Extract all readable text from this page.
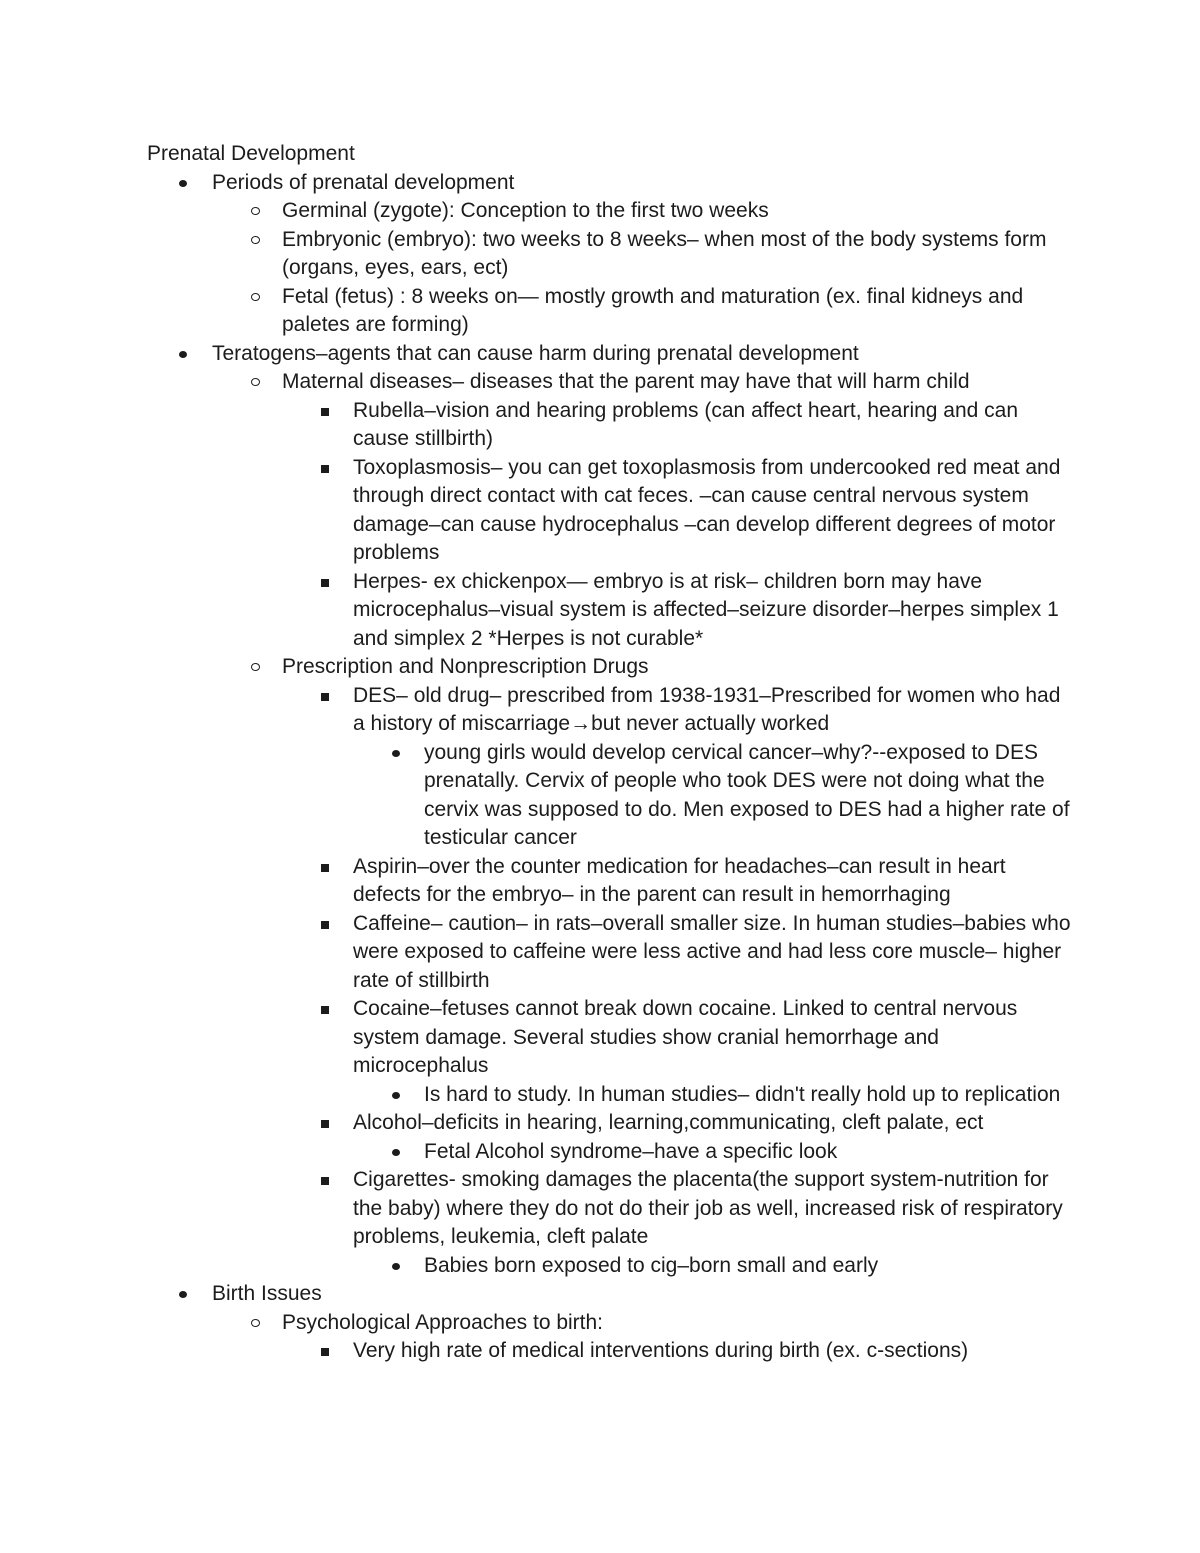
Prenatal Development

Periods of prenatal development
Germinal (zygote): Conception to the first two weeks
Embryonic (embryo): two weeks to 8 weeks– when most of the body systems form (organs, eyes, ears, ect)
Fetal (fetus) : 8 weeks on— mostly growth and maturation (ex. final kidneys and paletes are forming)
Teratogens–agents that can cause harm during prenatal development
Maternal diseases– diseases that the parent may have that will harm child
Rubella–vision and hearing problems (can affect heart, hearing and can cause stillbirth)
Toxoplasmosis– you can get toxoplasmosis from undercooked red meat and through direct contact with cat feces. –can cause central nervous system damage–can cause hydrocephalus –can develop different degrees of motor problems
Herpes- ex chickenpox— embryo is at risk– children born may have microcephalus–visual system is affected–seizure disorder–herpes simplex 1 and simplex 2 *Herpes is not curable*
Prescription and Nonprescription Drugs
DES– old drug– prescribed from 1938-1931–Prescribed for women who had a history of miscarriage→but never actually worked
young girls would develop cervical cancer–why?--exposed to DES prenatally. Cervix of people who took DES were not doing what the cervix was supposed to do. Men exposed to DES had a higher rate of testicular cancer
Aspirin–over the counter medication for headaches–can result in heart defects for the embryo– in the parent can result in hemorrhaging
Caffeine– caution– in rats–overall smaller size. In human studies–babies who were exposed to caffeine were less active and had less core muscle– higher rate of stillbirth
Cocaine–fetuses cannot break down cocaine. Linked to central nervous system damage. Several studies show cranial hemorrhage and microcephalus
Is hard to study. In human studies– didn't really hold up to replication
Alcohol–deficits in hearing, learning,communicating, cleft palate, ect
Fetal Alcohol syndrome–have a specific look
Cigarettes- smoking damages the placenta(the support system-nutrition for the baby) where they do not do their job as well, increased risk of respiratory problems, leukemia, cleft palate
Babies born exposed to cig–born small and early
Birth Issues
Psychological Approaches to birth:
Very high rate of medical interventions during birth (ex. c-sections)
